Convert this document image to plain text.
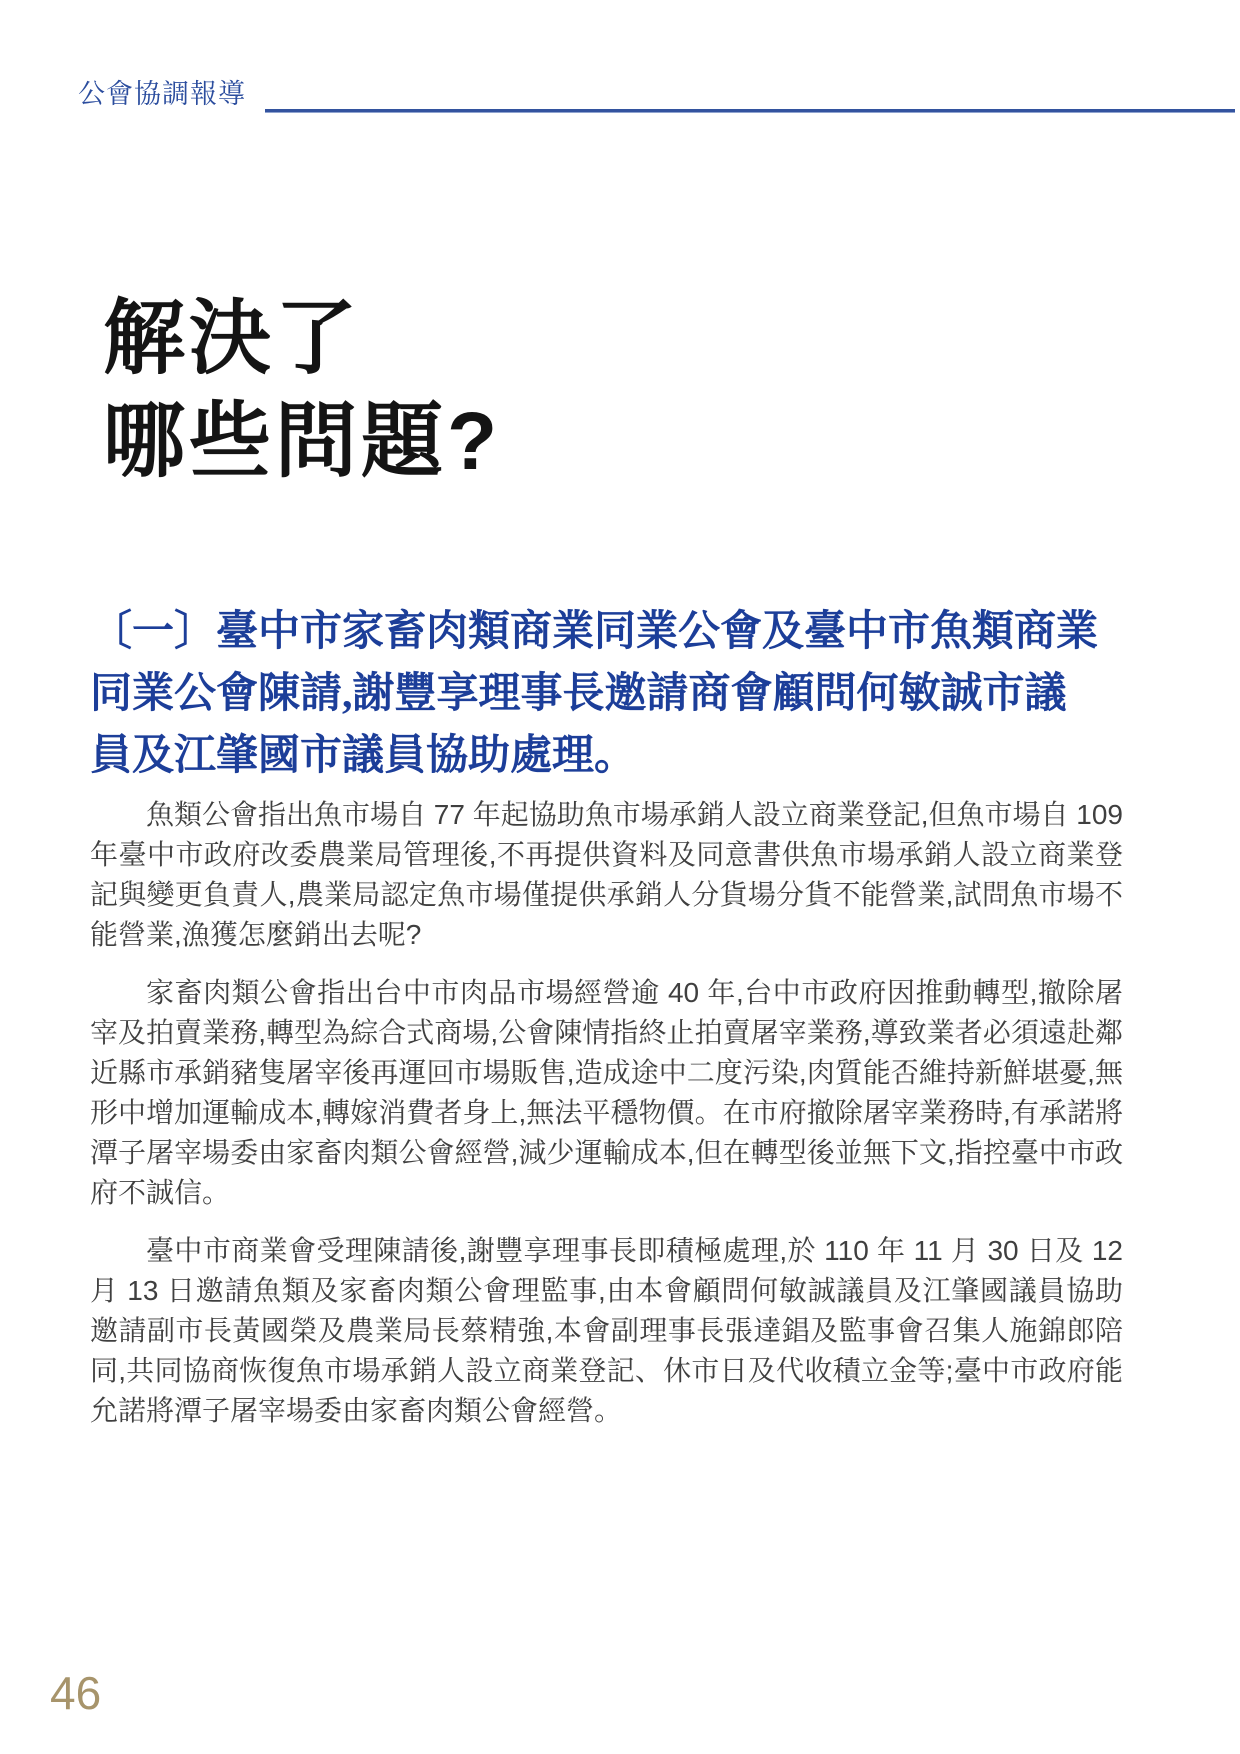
公會協調報導
解決了
哪些問題?
〔一〕臺中市家畜肉類商業同業公會及臺中市魚類商業
同業公會陳請,謝豐享理事長邀請商會顧問何敏誠市議
員及江肇國市議員協助處理。

魚類公會指出魚市場自 77 年起協助魚市場承銷人設立商業登記,但魚市場自 109 年臺中市政府改委農業局管理後,不再提供資料及同意書供魚市場承銷人設立商業登記與變更負責人,農業局認定魚市場僅提供承銷人分貨場分貨不能營業,試問魚市場不能營業,漁獲怎麼銷出去呢?

家畜肉類公會指出台中市肉品市場經營逾 40 年,台中市政府因推動轉型,撤除屠宰及拍賣業務,轉型為綜合式商場,公會陳情指終止拍賣屠宰業務,導致業者必須遠赴鄰近縣市承銷豬隻屠宰後再運回市場販售,造成途中二度污染,肉質能否維持新鮮堪憂,無形中增加運輸成本,轉嫁消費者身上,無法平穩物價。在市府撤除屠宰業務時,有承諾將潭子屠宰場委由家畜肉類公會經營,減少運輸成本,但在轉型後並無下文,指控臺中市政府不誠信。

臺中市商業會受理陳請後,謝豐享理事長即積極處理,於 110 年 11 月 30 日及 12 月 13 日邀請魚類及家畜肉類公會理監事,由本會顧問何敏誠議員及江肇國議員協助邀請副市長黃國榮及農業局長蔡精強,本會副理事長張達錩及監事會召集人施錦郎陪同,共同協商恢復魚市場承銷人設立商業登記、休市日及代收積立金等;臺中市政府能允諾將潭子屠宰場委由家畜肉類公會經營。

46
